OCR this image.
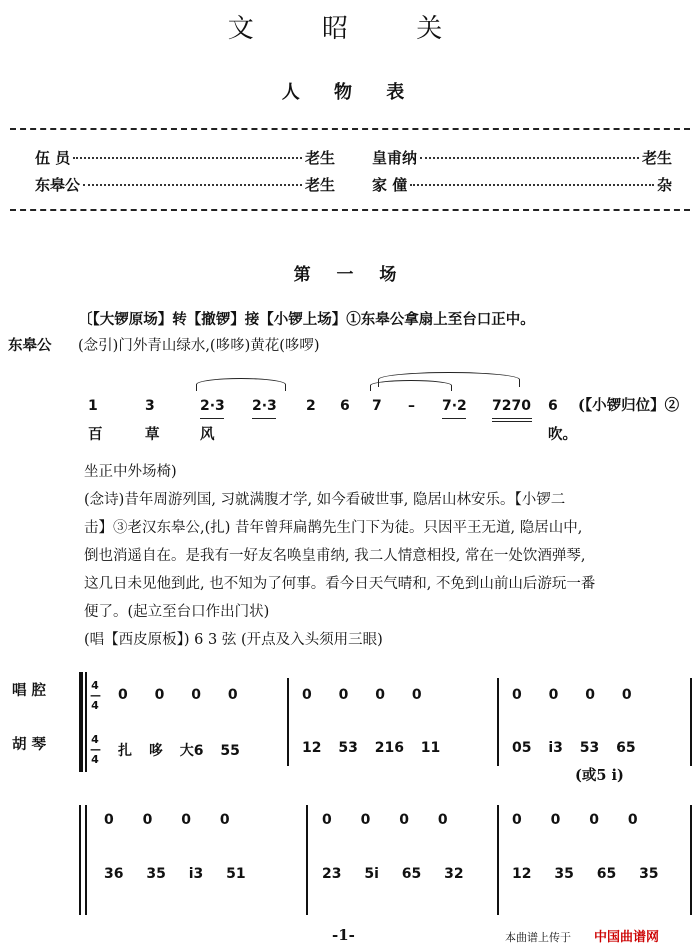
文 昭 关
人 物 表
伍 员	老生 皇甫纳	老生
东皋公	老生 家 僮	杂
第 一 场
〔【大锣原场】转【撤锣】接【小锣上场】①东皋公拿扇上至台口正中。
东皋公 (念引)门外青山绿水,(哆哆)黄花(哆啰)
1	3	2·3 2·3 2 6 7 – 7·2 7270 6 (【小锣归位】②
百	草	风	吹。
坐正中外场椅)
(念诗)昔年周游列国, 习就满腹才学, 如今看破世事, 隐居山林安乐。【小锣二
击】③老汉东皋公,(扎) 昔年曾拜扁鹊先生门下为徒。只因平王无道, 隐居山中,
倒也消遥自在。是我有一好友名唤皇甫纳, 我二人情意相投, 常在一处饮酒弹琴,
这几日未见他到此, 也不知为了何事。看今日天气晴和, 不免到山前山后游玩一番
便了。(起立至台口作出门状)
(唱【西皮原板】) 6 3 弦 (开点及入头须用三眼)
唱 腔
胡 琴
4
—
4
4
—
4
0 0 0 0	0 0 0 0	0 0 0 0
扎 哆 大6 55	12 53 216 11	05 i3 53 65
(或5 i)
0 0 0 0	0 0 0 0	0 0 0 0
36 35 i3 51	23 5i 65 32	12 35 65 35
-1-	本曲谱上传于 中国曲谱网
